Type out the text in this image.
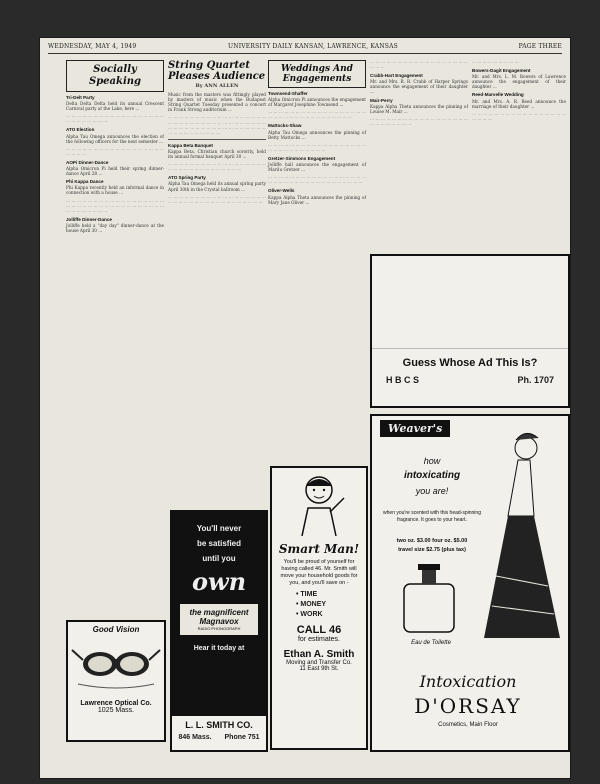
WEDNESDAY, MAY 4, 1949	UNIVERSITY DAILY KANSAN, LAWRENCE, KANSAS	PAGE THREE
Socially Speaking
Tri-Delt Party

Delta Delta Delta held its annual Crescent Carnival party at the Lake, here ...

··· ··· ··· ··· ··· ··· ··· ··· ··· ··· ··· ··· ··· ··· ··· ··· ··· ··· ··· ··· ··· ··· ··· ··· ··· ···

ATO Election

Alpha Tau Omega announces the election of the following officers for the next semester ...

··· ··· ··· ··· ··· ··· ··· ··· ··· ··· ··· ··· ··· ··· ··· ··· ··· ··· ··· ··· ··· ···

AOPi Dinner-Dance

Alpha Omicron Pi held their spring dinner-dance April 28 ...

Phi Kappa Dance

Phi Kappa recently held an informal dance in connection with a house ...

··· ··· ··· ··· ··· ··· ··· ··· ··· ··· ··· ··· ··· ··· ··· ··· ··· ··· ··· ··· ··· ··· ··· ··· ··· ··· ··· ··· ··· ··· ··· ··· ··· ··· ··· ··· ··· ··· ··· ··· ··· ··· ··· ···

Jolliffe Dinner-Dance

Jolliffe held a "day day" dinner-dance at the house April 30 ...

String Quartet Pleases Audience
By ANN ALLEN

Music from the masters was fittingly played by masters of music when the Budapest String Quartet Tuesday presented a concert in Frank Strong auditorium ...

··· ··· ··· ··· ··· ··· ··· ··· ··· ··· ··· ··· ··· ··· ··· ··· ··· ··· ··· ··· ··· ··· ··· ··· ··· ··· ··· ··· ··· ··· ··· ··· ··· ··· ··· ··· ··· ··· ··· ··· ··· ··· ··· ··· ··· ··· ··· ··· ··· ··· ··· ··· ··· ··· ··· ··· ··· ··· ··· ··· ··· ··· ··· ···

Kappa Beta Banquet

Kappa Beta, Christian church sorority, held its annual formal banquet April 30 ...

··· ··· ··· ··· ··· ··· ··· ··· ··· ··· ··· ··· ··· ··· ··· ··· ··· ··· ··· ··· ··· ··· ··· ··· ··· ··· ··· ··· ··· ··· ··· ···

ATO Spring Party

Alpha Tau Omega held its annual spring party April 30th in the Crystal ballroom ...

··· ··· ··· ··· ··· ··· ··· ··· ··· ··· ··· ··· ··· ··· ··· ··· ··· ··· ··· ··· ··· ··· ··· ··· ··· ··· ··· ··· ··· ··· ··· ··· ··· ··· ··· ···

Weddings And Engagements
Townsend-Shaffer

Alpha Omicron Pi announces the engagement of Margaret Josephine Townsend ...

··· ··· ··· ··· ··· ··· ··· ··· ··· ··· ··· ··· ··· ··· ··· ··· ··· ··· ··· ··· ··· ··· ··· ··· ··· ··· ··· ··· ··· ··· ··· ··· ··· ···

Mattocks-Shaw

Alpha Tau Omega announces the pinning of Betty Mattocks ...

··· ··· ··· ··· ··· ··· ··· ··· ··· ··· ··· ··· ··· ··· ··· ··· ··· ··· ··· ··· ··· ··· ··· ··· ··· ··· ··· ··· ···

Gretzer-Simmons Engagement

Jolliffe hall announces the engagement of Marilu Gretzer ...

··· ··· ··· ··· ··· ··· ··· ··· ··· ··· ··· ··· ··· ··· ··· ··· ··· ··· ··· ··· ··· ··· ··· ··· ··· ··· ··· ··· ··· ··· ··· ··· ··· ··· ··· ···

Oliver-Wells

Kappa Alpha Theta announces the pinning of Mary Jane Oliver ...

··· ··· ··· ··· ··· ··· ··· ··· ··· ··· ··· ··· ··· ··· ··· ··· ··· ··· ··· ··· ···

Crabb-Hart Engagement

Mr. and Mrs. R. R. Crabb of Harper Springs announce the engagement of their daughter ...

Mair-Perry

Kappa Alpha Theta announces the pinning of Louise M. Mair ...

··· ··· ··· ··· ··· ··· ··· ··· ··· ··· ··· ··· ··· ··· ··· ··· ··· ··· ··· ··· ··· ··· ··· ··· ··· ···

··· ··· ··· ··· ··· ··· ··· ··· ···

Bowers-Dagit Engagement

Mr. and Mrs. L. M. Bowers of Lawrence announce the engagement of their daughter ...

Reed-Marvelle Wedding

Mr. and Mrs. A. R. Reed announce the marriage of their daughter ...

··· ··· ··· ··· ··· ··· ··· ··· ··· ··· ··· ··· ··· ··· ··· ··· ··· ··· ··· ··· ···

Good Vision
Lawrence Optical Co.
1025 Mass.
You'll never
be satisfied
until you
own
the magnificent Magnavox
RADIO PHONOGRAPH
Hear it today at
L. L. SMITH CO.
846 Mass. Phone 751
Smart Man!
You'll be proud of yourself for having called 46. Mr. Smith will move your household goods for you, and you'll save on -
• TIME
• MONEY
• WORK
CALL 46
for estimates.
Ethan A. Smith
Moving and Transfer Co.
11 East 9th St.
Guess Whose Ad This Is?
H B C S	Ph. 1707
Weaver's
how
intoxicating
you are!
when you're scented with this head-spinning fragrance. It goes to your heart.
two oz. $3.00 four oz. $5.00
travel size $2.75 (plus tax)
Eau de Toilette
Intoxication
D'ORSAY
Cosmetics, Main Floor
